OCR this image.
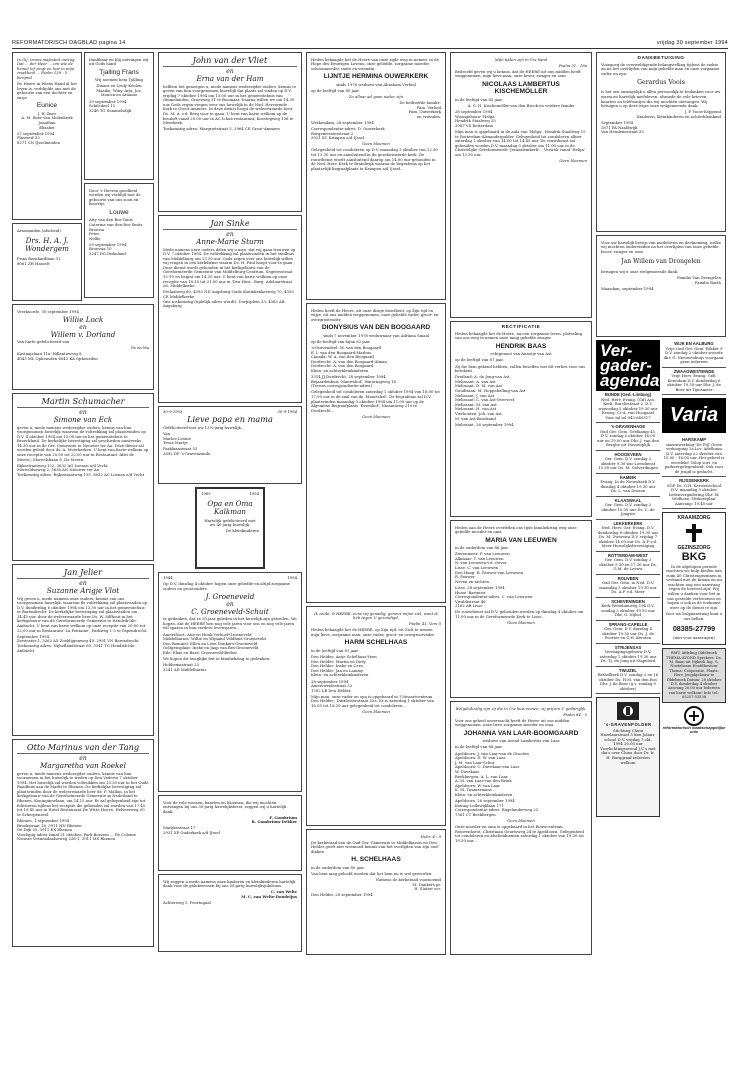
REFORMATORISCH DAGBLAD pagina 14	vrijdag 30 september 1994
In Gij, trouw majesteit ontzag, Dat ... der Heer ... om wie de hemel lof zingt en hoe in mijn zwakheid ... Psalm 139 : 5 berijmd
De Heere in Wiens Hand al het leven is, verblijdde ons met de geboorte van een dochter en zusje
Eunice
J. H. Boer
A. M. Boer-van Molenbeek
Jonathan
Elisabet
27 september 1994
Plaswerf 35
8271 CN IJsselmuiden
Arnemuiden (afscheid)
Drs. H. A. J. Wondergem
Prins Bernhardlaan 12
8061 ZH Hasselt
Dankbaar en blij ontvingen wij uit Gods hand
Tjalling Frans
Wij noemen hem Tjalling
Dinant en Leidy Keulen
Maaike, Winy, Arja, Jos, Monica en Arianne
29 september 1994
Schilcdeel 13
3248 TG Sommelsdijk
Door 's Heeren goedheid werden wij verblijd met de geboorte van ons zoon en broertje
Louwe
Atty van den Bos-Tanis
Caterina van den Bos-Smits
Broessa
Peter
Nellie
29 september 1994
Broessia 10
3247 DG Dirksland
Veerkoorde, 30 september 1994
Willie Lock
en
Willem v. Dorland
Van harte gefeliciteerd van
Pa en Ma
Kastanjelaan 11a 'Hillantuwesg 8
4043 ML Opheusden 6043 KA Opheusden
Martin Schumacher
en
Simone van Eck
geven u, mede namens wederzijdse ouders, kennis van hun voorgenomen huwelijk waarvan de voltrekking zal plaatsvinden op D.V. 4 oktober 1994 om 15.00 uur in het gemeentehuis te Broeckland. De kerkelijke bevestiging zal geschieden omstreeks 14.30 uur in de Ger. Gemeente te Nieuwer ter Aa. Deze dienst zal worden geleid door ds. A. Moerkerken. U bent van harte welkom op onze receptie van 20.00 tot 22.00 uur in Restaurant 'Afrit de Meern', Moreelsbaan 6, De Meern.
Rijksstraatweg 122, 3632 AG Loenen a/d Vecht
Moreeldseweg 2, 3638 AN Nieuwer ter Aa
Toekomstig adres: Rijksstraatweg 135, 3632 AC Loenen a/d Vecht
Jan Jelier
en
Suzanne Arigje Vlot
Wij geven u, mede namens onze ouders, kennis van ons voorgenomen huwelijk, waarvan de voltrekking zal plaatsvinden op D.V. donderdag 6 oktober 1994 om 13.30 uur in het gemeentehuis te Barendrecht. De kerkelijke bevestiging zal plaatsvinden om 14.45 uur, door de weleerwaarde heer Ds. W. Silfhout in het kerkgebouw van de Gereformeerde Gemeente te Hendrik-Ido-Ambacht. U bent van harte welkom op onze receptie van 20.00 tot 22.00 uur in Restaurant 'La Fontaine', Parkweg 1-3 te Papendrecht.
September 1994
Zevenster 1, 3262 AX Zoeklijgenweg 40, 2991 VN Barendrecht
Toekomstig adres: Nijhoflandstraat 69, 3341 TG Hendrik-Ido-Ambacht
Otto Marinus van der Tang
en
Margaretha van Roekel
geven u, mede namens wederzijdse ouders, kennis van hun voornemen in het huwelijk te treden op Den Vaderte 7 oktober 1994. Het huwelijk zal worden voltrokken om 13.30 uur in het Oude Raadhuis aan de Markt te Rhenen. De kerkelijke bevestiging zal plaatsvinden door de weleerwaarde heer ds. F. Mallan, in het kerkgebouw van de Gereformeerde Gemeente in Nederland te Rhenen, Koninginnelaan, om 14.15 uur. Er zal gelegenheid zijn tot feliciteren tijdens het receptie die gehouden zal worden van 17.45 tot 19.45 uur in Hotel Restaurant De Witte Hoeve, Helveerweg 20 te Scherpenzeel.
Rhenen, 1 september 1994
Brookstraat 16, 3911 HN Rhenen
De Dijk 25, 3911 EX Rhenen
Voorlopig adres vanaf 21 oktober: Park Boezem..., De Colonie
Nieuwe Veenendaalseweg 226-1, 3911 MS Rhenen
John van der Vliet
en
Erna van der Ham
hebben het genoegen u, mede namens wederzijdse ouders, kennis te geven van hun voorgenomen huwelijk dat plaats zal vinden op D.V. vrijdag 7 oktober 1994 om 13.00 uur in het gemeentehuis van Ommelanden, Grootweg 31 te Boomaar. Daarna willen we om 14.30 uur Gods zegen vragen over ons huwelijk in de Ned. Hervormde Kerk te Groot-Ammers. In deze dienst hoopt de weleerwaarde heer Ds. M. A. v.d. Berg voor te gaan. U bent van harte welkom op de bruiloft vanaf 20.00 uur in AC Ichoà-restaurant, Koestegweg 136 te Meerkerk.
Toekomstig adres: Margrietstraat 5, 2964 CE Groot-Ammers
Jan Sinke
en
Anne-Marie Sturm
Mede namens onze ouders delen wij u mee, dat wij gaan trouwen op D.V. 7 oktober 1994. De voltrekking zal plaatsvinden in het stadhuis van Middelburg om 13.30 uur. Gods zegen over ons huwelijk willen wij vragen in een kerkdienst waarin Ds. H. Paul hoopt voor te gaan. Deze dienst wordt gehouden in het kerkgebouw van de Gereformeerde Gemeente van Middelburg-Centrum, Segeersstraat 15-19 en begint om 14.30 uur. U bent van harte welkom op onze receptie van 18.30 tot 21.00 uur in 'Den Huis', Burg. Adelaarstraat 26, Middelkerke.
Prelaatweg 60, 4383 ND Augsburg-Oude Koninkenkesweg 70, 4355 CE Middelkerke
Ons toekomstig (tijdelijk adres wordt): Dorpsplein 33, 4383 AB Augsburg
30-9-1953	30-9-1994
Lieve papa en mama
Gefeliciteerd met nw 12½-jarig huwelijk.
Van
Marloe Leonie
Tessa Martje
Parklaanstraat 53
2692 DP 's-Gravenzande
1969	1994
Opa en Oma Kalkman
Hartelijk gefeliciteerd met uw 40-jarig huwelijk.
De kleinkinderen
1944	1994
Op D.V. dinsdag 4 oktober hopen onze geliefde en altijd zorgzame ouders en grootouders
J. Groeneveld
en
C. Groeneveld-Schuit
te gedenken, dat ze 50 jaar geleden in het huwelijk zijn getreden. We hopen, dat de HEERE hen nog vele jaren voor ons en nog vele jaren wil sparen in hun verdere levensjaren...
Amersfoort: Atie en Henk Verhoef-Groeneveld
Middelharnis: Willie en Wijnand Veldhuis-Groeneveld
Den Bommel: Ellen en Leen Donkers-Groeneveld
Ooltgensplaat: Ineke en Jaap van Bes-Groeneveld
Ede: Elias en Baric Groeneveld-Bieber
We hopen dit heuglijke feit in familiekring te gedenken.
Hobbemastraat 23
3241 AD Middelharnis
Voor de vele wensen, kaarten en bloemen, die wij mochten ontvangen bij ons 50-jarig huwelijksfeest, zeggen wij u hartelijk dank.
F. Gombrium
B. Gombrium-Dekker
Marijkestraat 17
2931 XP Ouderkerk a/d IJssel
Wij zeggen u mede namens onze kinderen en kleinkinderen hartelijk dank voor de gelukwensen bij ons 50-jarig huwelijksjubileum.
C. van Welie
M. C. van Welie-Dondeijns
Achterweg 5, Poortugaal
Heden behaagde het de Heere van onze zijde weg te nemen, in de Hope des Eeuwigen Levens, onze geliefde, zorgzame moeder, schoonmoeder, tante en vriendin
LIJNTJE HERMINA OUWERKERK
sinds 1976 weduwe van Abraham Verhoil
op de leeftijd van 80 jaar.
Zo allaar ad gaan nader zijn
De bedroefde familie:
Fam. Verhoil
Fam. Ouwerkerk
en vrienden.
Werkendam, 28 september 1994
Correspondentie-adres: D. Ouwerkerk
Burgemeesterstraat 2
2921 XC Krimpen a/d IJssel
Geen bloemen
Gelegenheid tot condoleren op D.V. maandag 3 oktober van 12.30 tot 13.30 uur en aansluitend in de gereformeerde kerk. De rouwdienst wordt aansluitend daarop om 14.00 uur gehouden in de Ned. Herv. Kerk te Brandwijk waarna de begrafenis op het plaatselijk begraafplaats te Krimpen a/d IJssel...
Heden heeft de Heere, uit onze dirige doorfbeid, op Zijn tijd en wijze, uit ons midden weggenomen, onze geliefde vader, groot- en overgrootvader
DIONYSIUS VAN DEN BOOGAARD
sinds 7 november 1978 weduwnaar van Adriana Smaal
op de leeftijd van bijna 82 jaar.
's-Gravendeel: M. van den Boogaard
E. I. van den Boogaard-Marbus
Canada: W. A. van den Boogaard
Dordrecht: A. van den Boogaard-Alman
Dordrecht: A. van den Boogaard
Klein- en achterkleinkinderen
3314 JJ Dordrecht, 28 september 1994
Bejaardenhuis 'Maurtshof', Wateringweg 18
(Tevens correspondentie-adres)
Gelegenheid tot condoleren zaterdag 1 oktober 1994 van 16.00 tot 17.00 uur in de zaal van de 'Maurtshof'. De begrafenis zal D.V. plaatsvinden maandag 3 oktober 1994 om 11.00 uur op de Algemene Begraafplaats 'Essenhof', Nassauweg 210 te Dordrecht...
Geen bloemen
Ik zeide: O HEERE, eens wij genadig; genees mijne ziel, want ik heb tegen U gezondigd.
Psalm 41, Vers 5
Heden behaagde het de HEERE, op Zijn tijd, tot Zich te nemen mijn lieve, zorgzame man, onze vader, groot- en overgrootvader
HARM SCHELHAAS
in de leeftijd van 81 jaar.
Den Helder: Aatje Schelhaas-Veen
Den Helder: Martin en Dirty
Den Helder: Ineke en Cees
Den Helder: Jan en Lammy
Klein- en achterkleinkinderen
28 september 1994
Amersweidestraat 32
1782 LB Den Helder
Mijn man, onze vader en opa is opgebaard in 'Uitvaartcentrum Den Helder', Dinxlosserstraat 55a. Er is zaterdag 1 oktober van 16.00 tot 16.30 uur gelegenheid tot condoleren...
Geen bloemen
Hebr. 4 : 9
De kerkeraad van de Oud Ger. Gemeente te Middelharnis en Den Helder geeft met weemoed kennis van het overlijden van zijn oud-diaken
H. SCHELHAAS
in de ouderdom van 80 jaar.
Van hem mag geloofd worden dat het hem nu is wel geworden.
Namens de kerkeraad voornoemd
M. Dankers pr.
H. Slatter scr.
Den Helder, 28 september 1994
Mijn tijden zijn in Uw hand
Psalm 31 : 16a
Bedroefd geven wij u kennis, dat de HEERE uit ons midden heeft weggenomen, mijn lieve man, onze broer, zwager en oom
NICOLAAS LAMBERTUS KISCHEMÖLLER
in de leeftijd van 85 jaar.
A. G. H. Kischemöller-van den Brock en verdere familie
28 september 1994
Woongebouw 'Helga'
Hendrik Staalweg 25
2087 VS Rotterdam
Mijn man is opgebaard in de aula van 'Helga', Hendrik Staalweg 15 te Rotterdam-Alexanderpolder. Gelegenheid tot condoleren alhier zaterdag 1 oktober van 14.00 tot 14.45 uur. De rouwdienst zal gehouden worden D.V. maandag 3 oktober om 11.00 uur in de Christelijke Gereformeerde 'Jeruzalemkerk'... Vertrek vanaf 'Helga' om 13.30 uur.
Geen bloemen
RECTIFICATIE
Heden behaagde het de Heere, na een zorgzame leven, plotseling van ons weg te nemen onze innig geliefde zwager
HENDRIK BAAS
echtgenoot van Annetje van Ast
op de leeftijd van 87 jaar.
Zij die hem gekend hebben, zullen beseffen wat dit verlies voor ons betekent.
Drieland: A. de Jong-van Ast
Melissant: A. van Ast
Melissant: D. M. van Ast
Goudriaan: M. Hoppebelling-van Ast
Melissant: J. van Ast
Melissant: C. van Ast-Overveel
Melissant: M. van Ast
Melissant: H. van Ast
Vierhouten: Joh. van Ast
M. van Ast-Boodzand
Melissant, 26 september 1994
Heden aan de Heere overleden ons tijde familiekring weg onze geliefde moeder en oma
MARIA VAN LEEUWEN
in de ouderdom van 86 jaar.
Zierenmeer: P. van Leeuwen
Alkmaar: T. van Leeuwen
N. van Leeuwen-v.d. Oever
Lisse: C. van Leeuwen
Den Haag: R. Pauwer-van Leeuwen
R. Pauwer
Neven en nichten
Lisse, 28 september 1994
Huize 'Bartnieu'
Correspondentie-adres: C. van Leeuwen
Vivaldistraat 46
2162 AB Lisse
De rouwdienst zal D.V. gehouden worden op dinsdag 4 oktober om 11.00 uur in de Gereformeerde Kerk te Lisse...
Geen bloemen
Welgelukzalig zijn zij die in Uw huis wonen; zij prijzen U gedurigljk.
Psalm 84 : 5
Voor ons geheel onverwacht heeft de Heere uit ons midden weggenomen, onze lieve zorgzame moeder en oma
JOHANNA VAN LAAR-BOOMGAARD
weduwe van Arend Lambertus van Laar
in de leeftijd van 88 jaar.
Apeldoorn: J. van Laar-van de Grooten
Apeldoorn: D. W. van Laar
J. M. van Laar-Schut
Apeldoorn: C. Duvekaar-van Laar
W. Duvekaar
Beekbergen: A. L. van Laar
A. M. van Laar-van den Brink
Apeldoorn: W. van Laar
K. M. Timmermans
Klein- en achterkleinkinderen
Apeldoorn, 28 september 1994
Koning Lodewijklaan 171
Correspondentie-adres: Engelanderweg 23
7361 CT Beekbergen
Geen bloemen
Onze moeder en oma is opgebaard in het Rouwcentrum Rouwenhorst, Christiaan Geurtsweg 24 te Apeldoorn. Gelegenheid tot condoleren en afscheidnemen zaterdag 1 oktober van 19.30 tot 19.30 uur...
DANKBETUIGING
Voorgoeg de overweldigende belangstelling tijdens de ziekte en na het overlijden van mijn geliefde man en onze zorgzame vader en opa
Gerardus Voois
is het ons onmogelijk u allen persoonlijk te bedanken voor uw warm en hartelijk medeleven, alsmede de vele brieven, kaarten en telefoontjes die wij mochten ontvangen. Wij betuigen u op deze wijze onze welgemeende dank.
J. P. Voois-Koppend
Kinderen, kleinkinderen en achterkleinkind
September 1994
2871 PA Naaldwijk
Van Heudensstraat 35
Voor uw hartelijk bewijs van medeleven en deelneming, welke wij mochten ondervinden na het overlijden van onze geliefde broer, zwager en oom
Jan Willem van Drongelen
betuigen wij u onze welgemeende dank.
Familie Van Drongelen
Familie Barth
Maasdam, september 1994
Ver-
gader-
agenda
BUNDE (Ged.-Limburg)
Ned. Herv. Evang. (Gif) Ass. Kerk, Burchtstraat 2. D.V. woensdag 5 oktober 19.30 uur Ersteg. Ct-A. van Hoogaart Voor inl tel 043-640317
's-GRAVENHAGE
Oud Ger. Gem. Geelkamp 45. D.V. zondag 2 oktober 16.00 uur en 19.00 uur Dhr. J. van den Berghe uit Dussenplijk
HOOGEVEEN
Ger. Gem. D.V. zondag 2 oktober 9.30 uur Leesdienst 15.30 uur Ds. M. Golverdingen
KAMEIK
Evang. In de Nieuwkerk D.V. dinsdag 4 oktober 19.30 uur Ds. L. van Drusen
KLAASWAAL
Ger. Gem. D.V. zondag 2 oktober 10.00 uur Ds. C. de Jongste
LEKKERKERK
Ned. Herv. Ger. Evang. D.V. donderdag 6 oktober 19.30 uur Ds. M. Zwerstra D.V. vrijdag 7 oktober 14.00 uur Ds. A.P. v.d. Meer Huwelijksbevestiging
ROTTERDAM-WEST
Ger. Gem. D.V. zondag 2 oktober 9.30 en 17.30 uur Ds. G.M. de Leeuw
ROUVEEN
Oud Ger. Gem. in Ned. D.V. maandag 3 oktober 19.30 uur Ds. A.P. v.d. Meer
SCHEVENINGEN
Kerk Westduinweg 194 D.V. zondag 2 oktober 19.30 uur Dhr. G. Nijhof
SPRANG-CAPELLE
Ger. Gem. D.V. dinsdag 4 oktober 19.30 uur Ds. J. de Poorter en G.H. Kersten
STRIJENSAS
Verenigingsgebouw D.V. zaterdag 1 oktober 19.30 uur Ds. Tj. de Jong uit Stapelord
TWIJZEL
Bethelkerk D.V. zondag 2 en 16 oktober Ds. H.M. van den Bos Dhr. J. de Boer (g.v. zondag 9 oktober)
's-GRAVENPOLDER
Stichting China Hazelaarstraat 5 Ken Jolans-school D.V. vrijdag 7 okt. 1994 20.00 uur Voorlichtingsavond J.V.'s met dia's over China door Dr. Ir. H. Burggraaf iedereen welkom
WIJK EN AALBURG
Vrije Oud Ger. Gem. Fokker 9 D.V. zondag 2 oktober woorde dhr. G. Nieuwenhuijs voorgaan. geen iedereen
ZWAAGWESTEINDE
Vrije Herv. Evang. Geb. Kerstdam D.V. donderdag 6 oktober 19.30 uur Dhr. J. de Boer uit Tijmsmeer
Varia
HARSKAMP
samenwerking 'De Pijl' Grote verkooping 1a Lcv. Adelhuim D.V. zaterdag 22 oktober van 10.00 - 16.00 uur. Het geheel is overdekt! Volop sort. en parkeergelegenheid. Ook voor de jeugd is gedacht.
RIJSSENKERK
SGP Ds. G.H. Kerstenschool D.V. maandag 3 oktober Ledenvergadering Dhr. M. Veldhoen 'Verkoerplan' Aanvang: 19.45 uur
KRAAMZORG
GEZINSZORG
BKG
In de afgelopen periode mochten we hulp bieden aan ruim 40 Christengezinnen in verband met de kraam en nu wachten nog een aanvraag tegen de hoeveel zijn! Wij willen u danken voor het in ons gestelde vertrouwen en hopen u ook in de toekomst weer op de dienst te zijn.
Voor uw hulpaanvraag kunt u ons bellen:
08385-27799
(niet voor aanvragen)
RMU Afdeling Oldebroek THEMA-AVOND Sprekers: Ds. M. Baan uit Nijkerk Ing. G. Nooteboom Hoofdbestuur Thema: Coöperatie. Plaats: Herv. Jeugdgebouw te Oldebroek Datum: 28 oktober D.V. donderdag 4 oktober aanvang 20.00 uur Iedereen van harte welkom! Info tel.: 05257-53538
reformatorisch maatschappelijke unie
